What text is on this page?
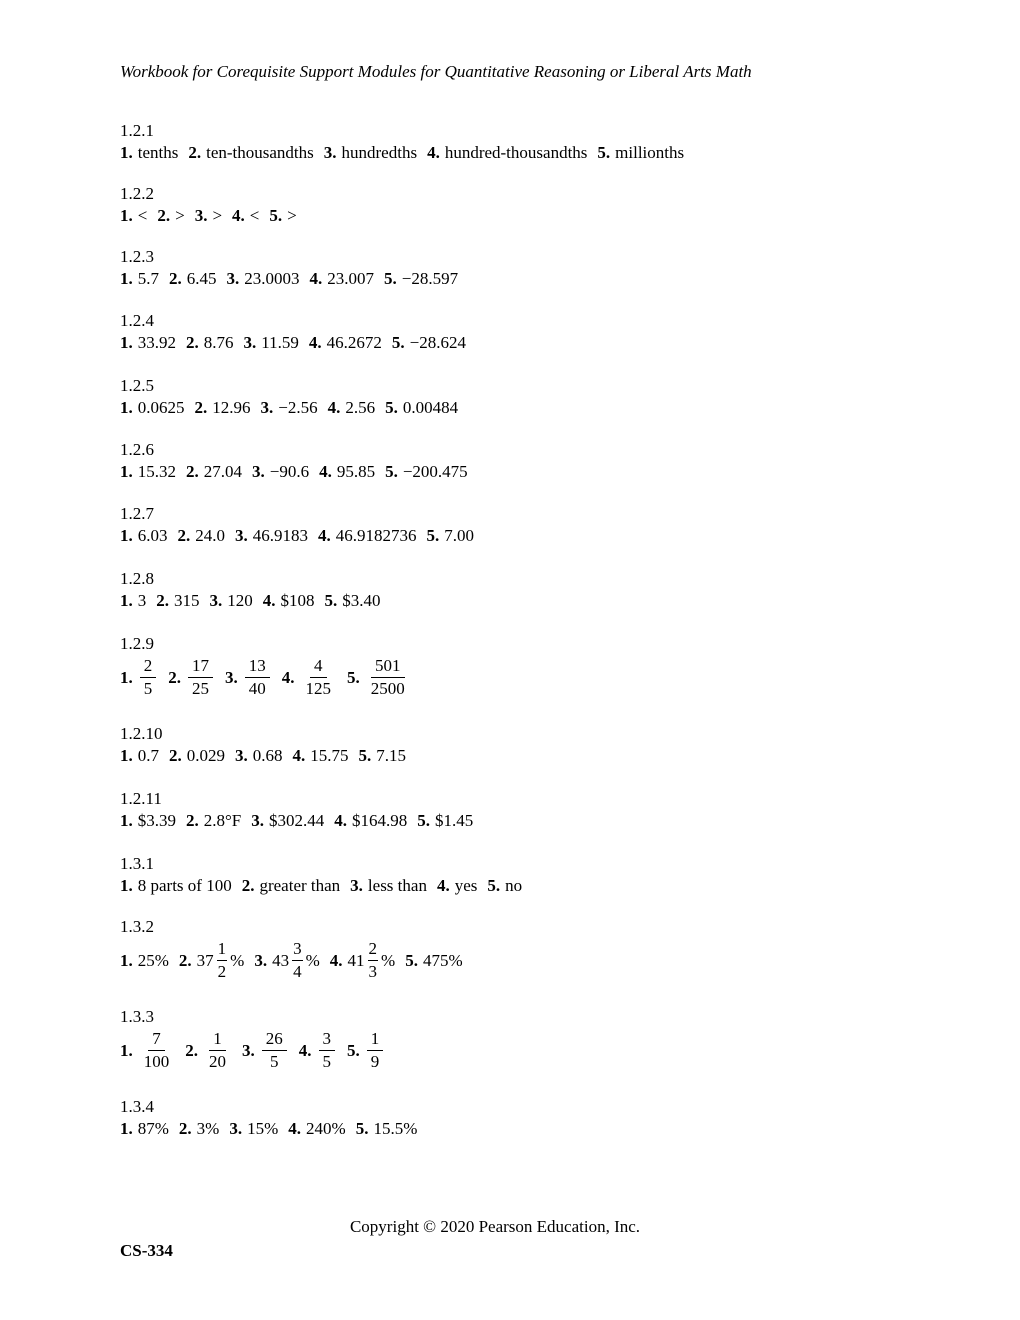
Workbook for Corequisite Support Modules for Quantitative Reasoning or Liberal Arts Math
1.2.1
1. tenths 2. ten-thousandths 3. hundredths 4. hundred-thousandths 5. millionths
1.2.2
1. < 2. > 3. > 4. < 5. >
1.2.3
1. 5.7 2. 6.45 3. 23.0003 4. 23.007 5. −28.597
1.2.4
1. 33.92 2. 8.76 3. 11.59 4. 46.2672 5. −28.624
1.2.5
1. 0.0625 2. 12.96 3. −2.56 4. 2.56 5. 0.00484
1.2.6
1. 15.32 2. 27.04 3. −90.6 4. 95.85 5. −200.475
1.2.7
1. 6.03 2. 24.0 3. 46.9183 4. 46.9182736 5. 7.00
1.2.8
1. 3 2. 315 3. 120 4. $108 5. $3.40
1.2.9
1. $\frac{2}{5} 2$. $\frac{17}{25} 3$. $\frac{13}{40} 4$. $\frac{4}{125} 5$. $\frac{501}{2500}$
1.2.10
1. 0.7 2. 0.029 3. 0.68 4. 15.75 5. 7.15
1.2.11
1. $3.39 2. 2.8°F 3. $302.44 4. $164.98 5. $1.45
1.3.1
1. 8 parts of 100 2. greater than 3. less than 4. yes 5. no
1.3.2
1. 25% 2. $37 \frac{1}{2}$ % 3. $43 \frac{3}{4}$ % 4. $41 \frac{2}{3}$ % 5. 475%
1.3.3
1. $\frac{7}{100} 2$. $\frac{1}{20} 3$. $\frac{26}{5} 4$. $\frac{3}{5} 5$. $\frac{1}{9}$
1.3.4
1. 87% 2. 3% 3. 15% 4. 240% 5. 15.5%
Copyright © 2020 Pearson Education, Inc.
CS-334
